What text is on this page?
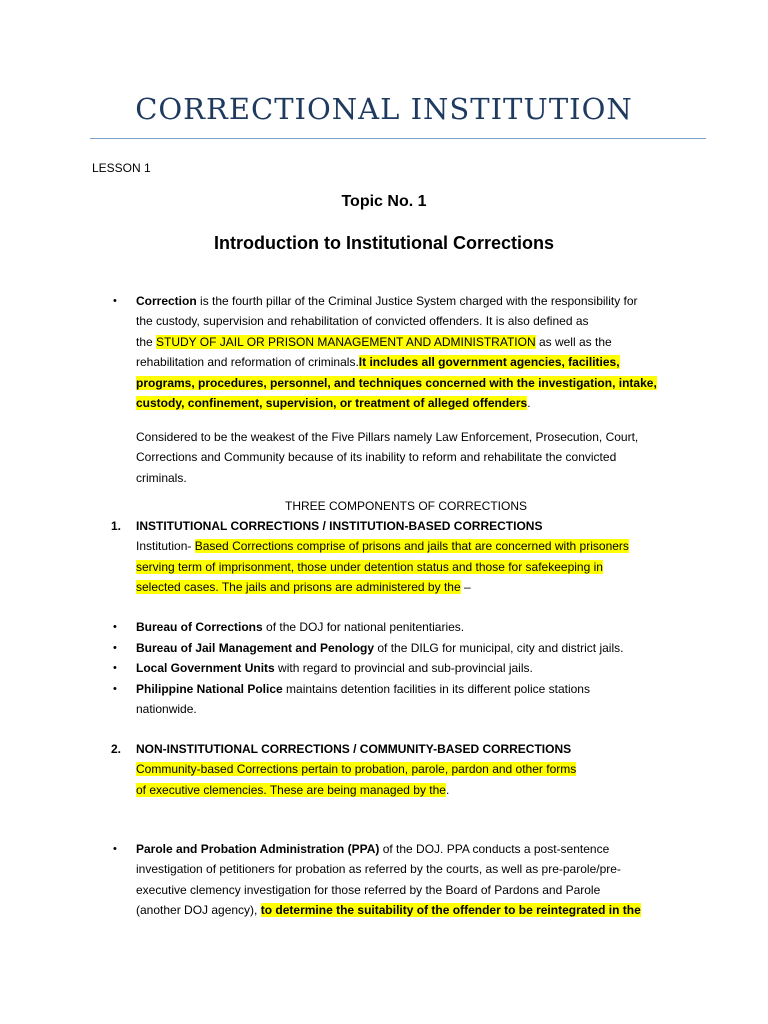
CORRECTIONAL INSTITUTION
LESSON 1
Topic No. 1
Introduction to Institutional Corrections
• Correction is the fourth pillar of the Criminal Justice System charged with the responsibility for
the custody, supervision and rehabilitation of convicted offenders. It is also defined as
the STUDY OF JAIL OR PRISON MANAGEMENT AND ADMINISTRATION as well as the
rehabilitation and reformation of criminals.It includes all government agencies, facilities,
programs, procedures, personnel, and techniques concerned with the investigation, intake,
custody, confinement, supervision, or treatment of alleged offenders.
Considered to be the weakest of the Five Pillars namely Law Enforcement, Prosecution, Court,
Corrections and Community because of its inability to reform and rehabilitate the convicted
criminals.
THREE COMPONENTS OF CORRECTIONS
1. INSTITUTIONAL CORRECTIONS / INSTITUTION-BASED CORRECTIONS
Institution- Based Corrections comprise of prisons and jails that are concerned with prisoners
serving term of imprisonment, those under detention status and those for safekeeping in
selected cases. The jails and prisons are administered by the –
• Bureau of Corrections of the DOJ for national penitentiaries.
• Bureau of Jail Management and Penology of the DILG for municipal, city and district jails.
• Local Government Units with regard to provincial and sub-provincial jails.
• Philippine National Police maintains detention facilities in its different police stations
nationwide.
2. NON-INSTITUTIONAL CORRECTIONS / COMMUNITY-BASED CORRECTIONS
Community-based Corrections pertain to probation, parole, pardon and other forms
of executive clemencies. These are being managed by the.
• Parole and Probation Administration (PPA) of the DOJ. PPA conducts a post-sentence
investigation of petitioners for probation as referred by the courts, as well as pre-parole/pre-
executive clemency investigation for those referred by the Board of Pardons and Parole
(another DOJ agency), to determine the suitability of the offender to be reintegrated in the
